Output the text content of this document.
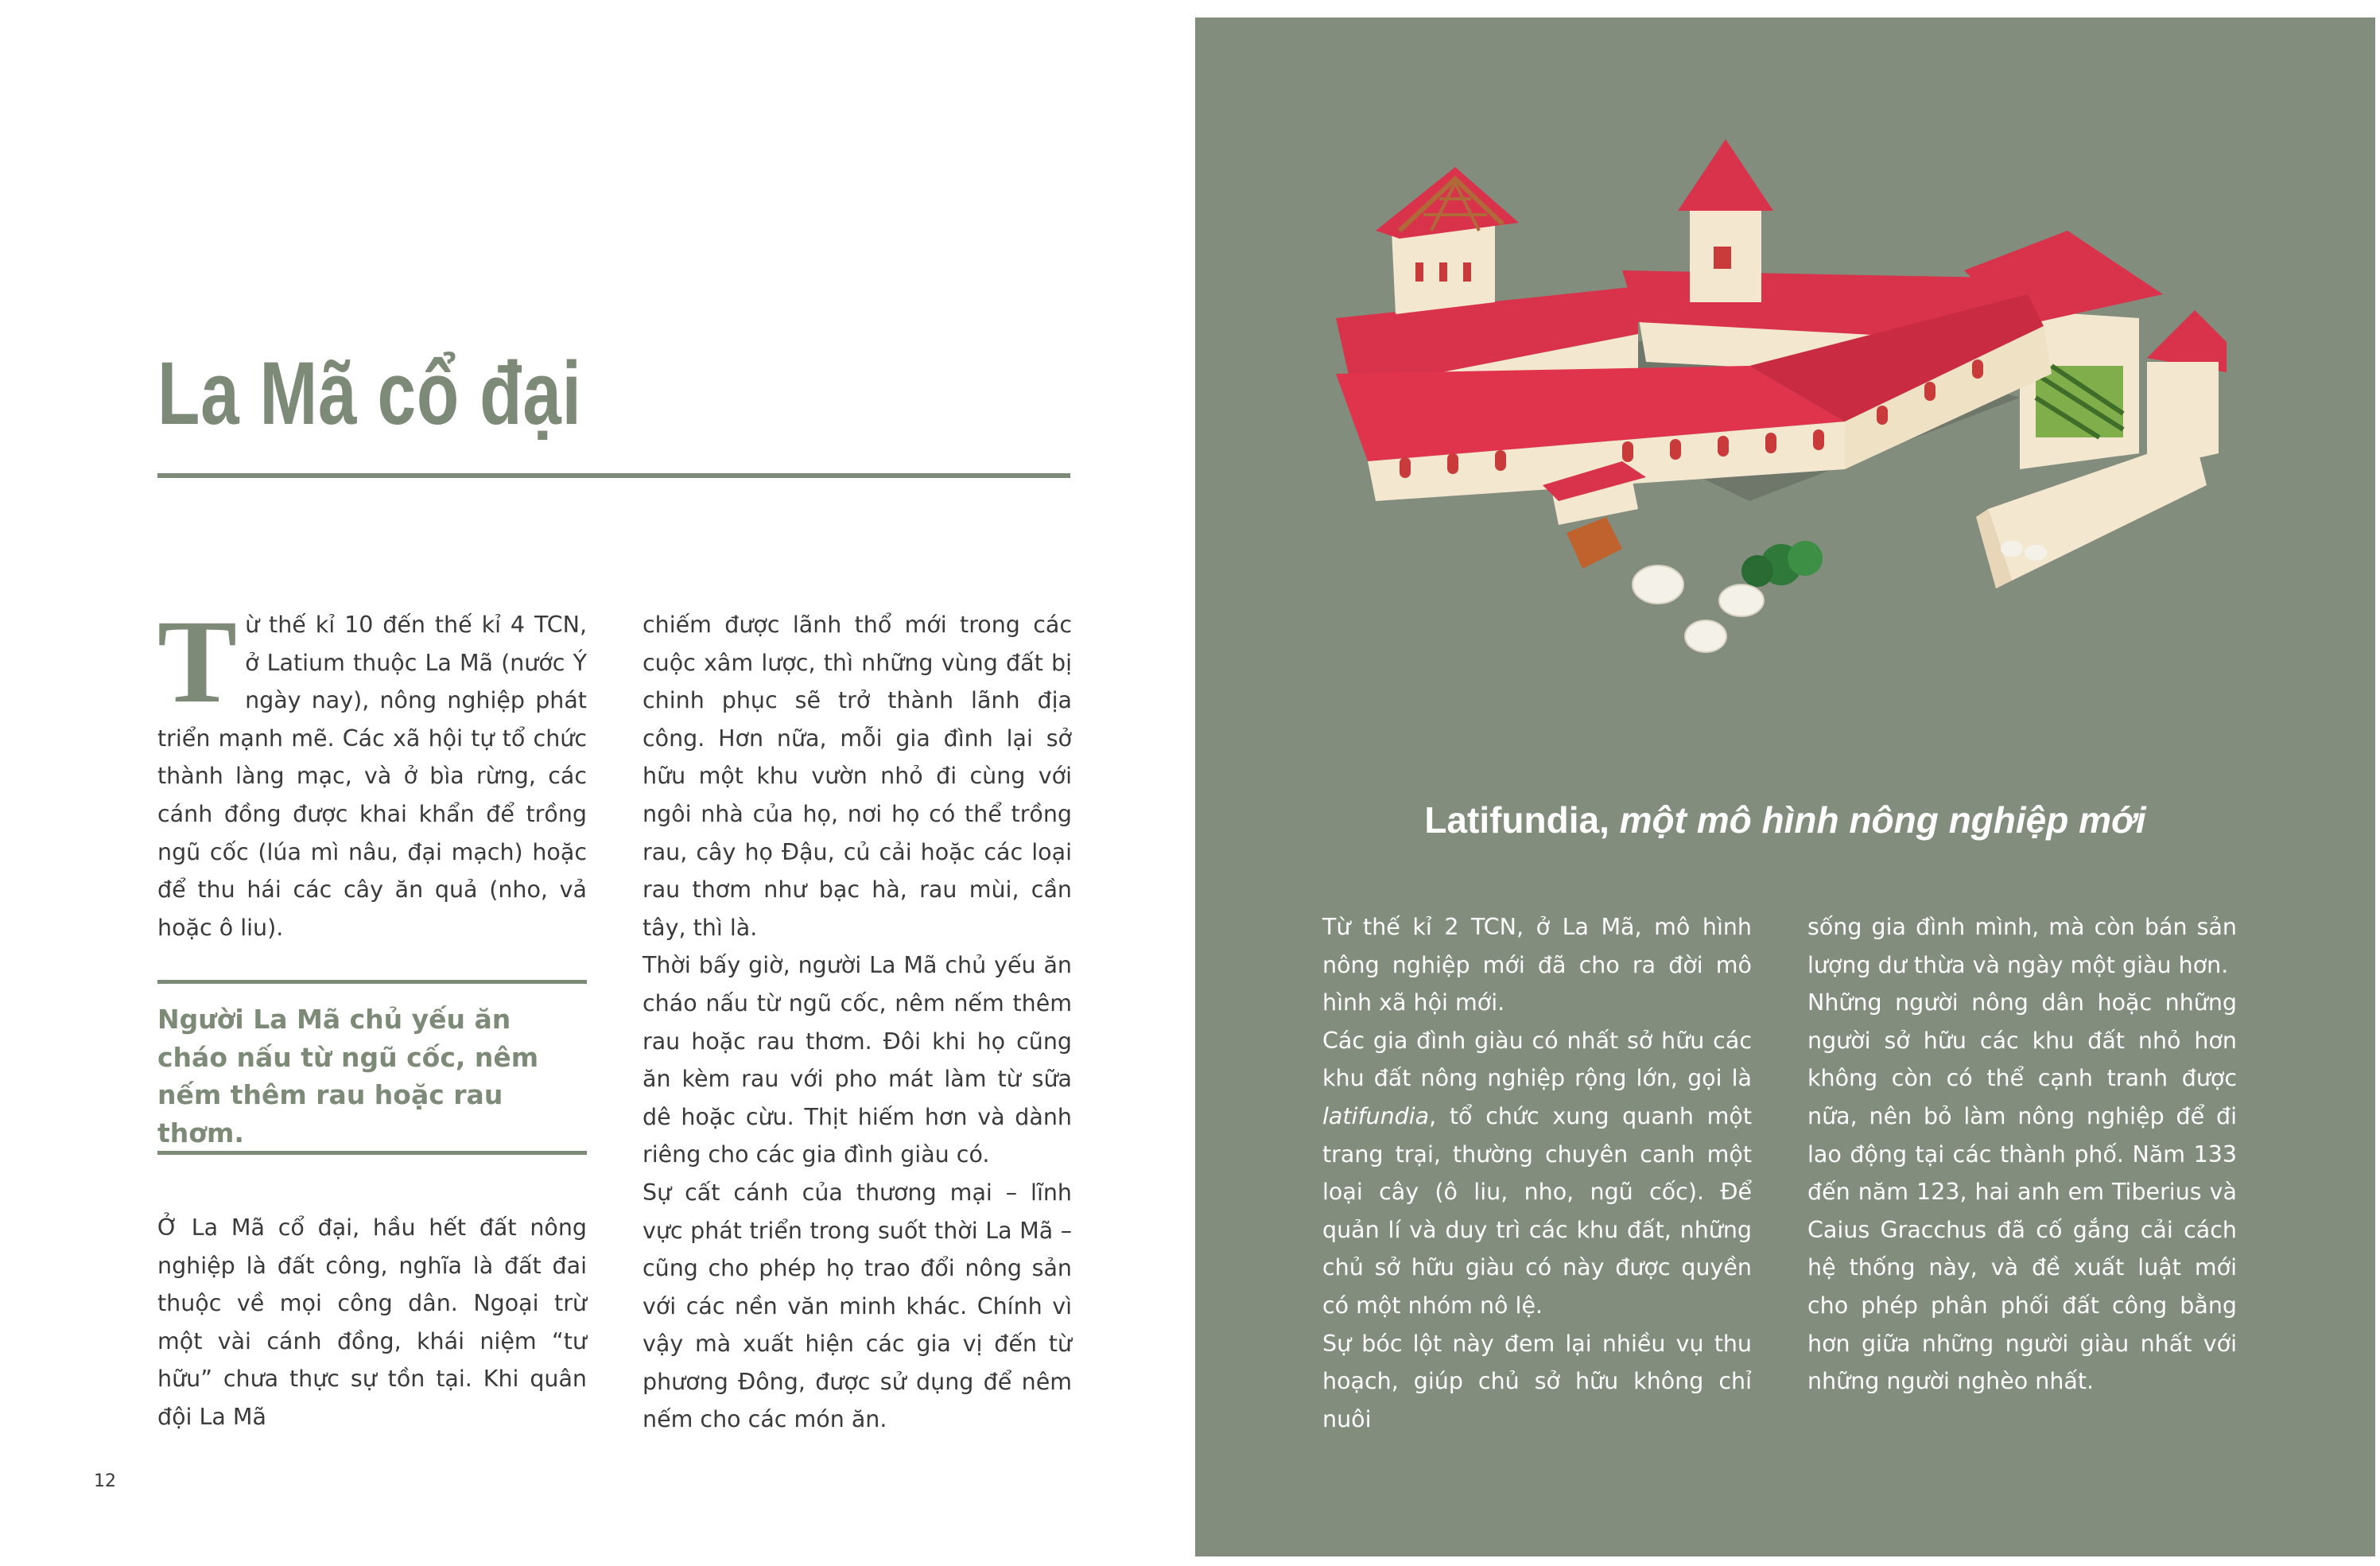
La Mã cổ đại
Từ thế kỉ 10 đến thế kỉ 4 TCN, ở Latium thuộc La Mã (nước Ý ngày nay), nông nghiệp phát triển mạnh mẽ. Các xã hội tự tổ chức thành làng mạc, và ở bìa rừng, các cánh đồng được khai khẩn để trồng ngũ cốc (lúa mì nâu, đại mạch) hoặc để thu hái các cây ăn quả (nho, vả hoặc ô liu).

Người La Mã chủ yếu ăn cháo nấu từ ngũ cốc, nêm nếm thêm rau hoặc rau thơm.

Ở La Mã cổ đại, hầu hết đất nông nghiệp là đất công, nghĩa là đất đai thuộc về mọi công dân. Ngoại trừ một vài cánh đồng, khái niệm “tư hữu” chưa thực sự tồn tại. Khi quân đội La Mã

chiếm được lãnh thổ mới trong các cuộc xâm lược, thì những vùng đất bị chinh phục sẽ trở thành lãnh địa công. Hơn nữa, mỗi gia đình lại sở hữu một khu vườn nhỏ đi cùng với ngôi nhà của họ, nơi họ có thể trồng rau, cây họ Đậu, củ cải hoặc các loại rau thơm như bạc hà, rau mùi, cần tây, thì là.

Thời bấy giờ, người La Mã chủ yếu ăn cháo nấu từ ngũ cốc, nêm nếm thêm rau hoặc rau thơm. Đôi khi họ cũng ăn kèm rau với pho mát làm từ sữa dê hoặc cừu. Thịt hiếm hơn và dành riêng cho các gia đình giàu có.

Sự cất cánh của thương mại – lĩnh vực phát triển trong suốt thời La Mã – cũng cho phép họ trao đổi nông sản với các nền văn minh khác. Chính vì vậy mà xuất hiện các gia vị đến từ phương Đông, được sử dụng để nêm nếm cho các món ăn.

12
Latifundia, một mô hình nông nghiệp mới

Từ thế kỉ 2 TCN, ở La Mã, mô hình nông nghiệp mới đã cho ra đời mô hình xã hội mới.

Các gia đình giàu có nhất sở hữu các khu đất nông nghiệp rộng lớn, gọi là latifundia, tổ chức xung quanh một trang trại, thường chuyên canh một loại cây (ô liu, nho, ngũ cốc). Để quản lí và duy trì các khu đất, những chủ sở hữu giàu có này được quyền có một nhóm nô lệ.

Sự bóc lột này đem lại nhiều vụ thu hoạch, giúp chủ sở hữu không chỉ nuôi

sống gia đình mình, mà còn bán sản lượng dư thừa và ngày một giàu hơn.

Những người nông dân hoặc những người sở hữu các khu đất nhỏ hơn không còn có thể cạnh tranh được nữa, nên bỏ làm nông nghiệp để đi lao động tại các thành phố. Năm 133 đến năm 123, hai anh em Tiberius và Caius Gracchus đã cố gắng cải cách hệ thống này, và đề xuất luật mới cho phép phân phối đất công bằng hơn giữa những người giàu nhất với những người nghèo nhất.
